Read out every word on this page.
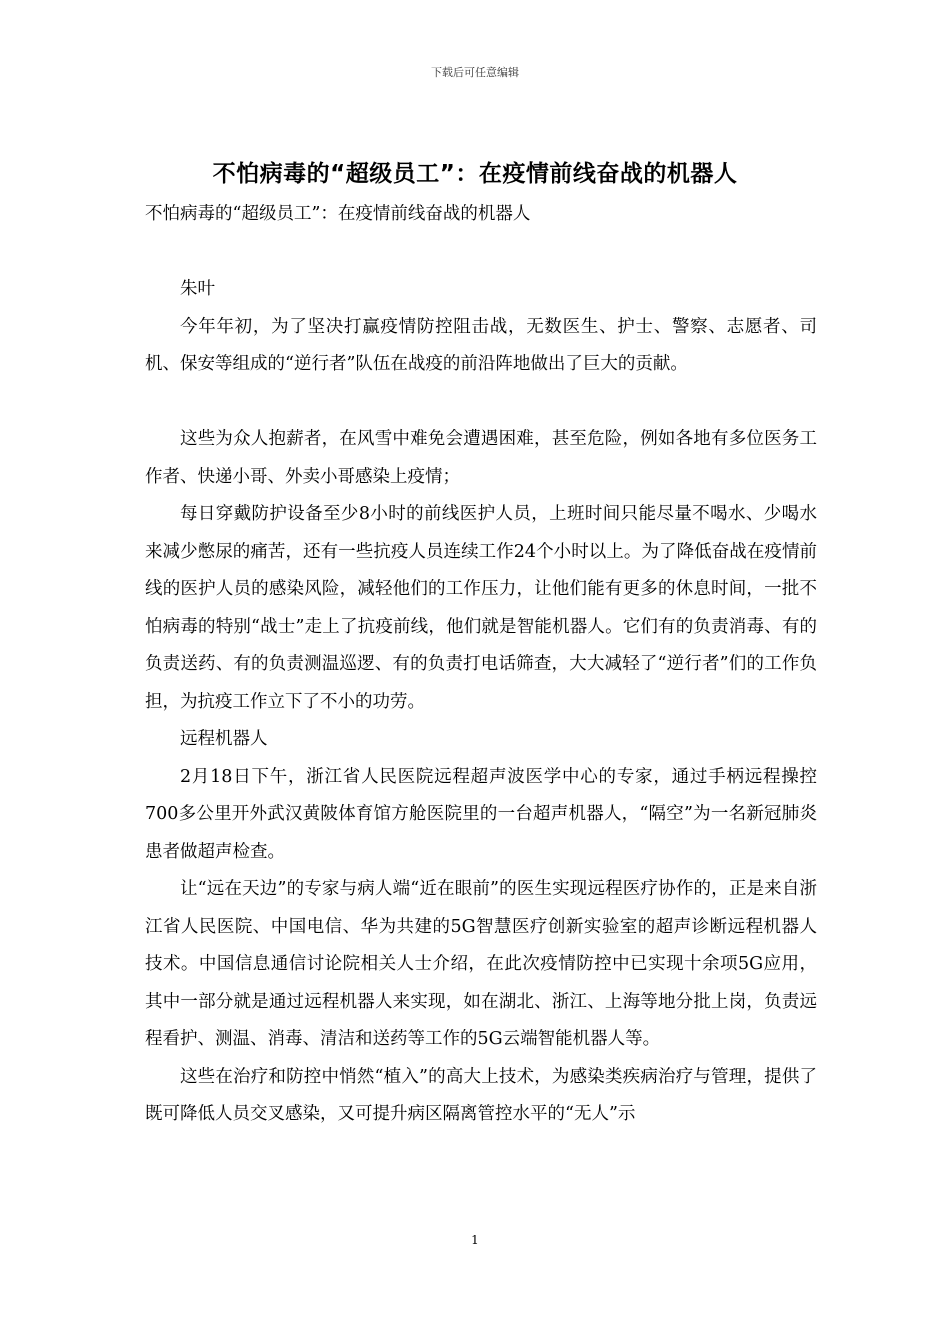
下载后可任意编辑
不怕病毒的“超级员工”：在疫情前线奋战的机器人

不怕病毒的“超级员工”：在疫情前线奋战的机器人

朱叶

今年年初，为了坚决打赢疫情防控阻击战，无数医生、护士、警察、志愿者、司机、保安等组成的“逆行者”队伍在战疫的前沿阵地做出了巨大的贡献。

这些为众人抱薪者，在风雪中难免会遭遇困难，甚至危险，例如各地有多位医务工作者、快递小哥、外卖小哥感染上疫情；

每日穿戴防护设备至少8小时的前线医护人员，上班时间只能尽量不喝水、少喝水来减少憋尿的痛苦，还有一些抗疫人员连续工作24个小时以上。为了降低奋战在疫情前线的医护人员的感染风险，减轻他们的工作压力，让他们能有更多的休息时间，一批不怕病毒的特别“战士”走上了抗疫前线，他们就是智能机器人。它们有的负责消毒、有的负责送药、有的负责测温巡逻、有的负责打电话筛查，大大减轻了“逆行者”们的工作负担，为抗疫工作立下了不小的功劳。

远程机器人

2月18日下午，浙江省人民医院远程超声波医学中心的专家，通过手柄远程操控700多公里开外武汉黄陂体育馆方舱医院里的一台超声机器人，“隔空”为一名新冠肺炎患者做超声检查。

让“远在天边”的专家与病人端“近在眼前”的医生实现远程医疗协作的，正是来自浙江省人民医院、中国电信、华为共建的5G智慧医疗创新实验室的超声诊断远程机器人技术。中国信息通信讨论院相关人士介绍，在此次疫情防控中已实现十余项5G应用，其中一部分就是通过远程机器人来实现，如在湖北、浙江、上海等地分批上岗，负责远程看护、测温、消毒、清洁和送药等工作的5G云端智能机器人等。

这些在治疗和防控中悄然“植入”的高大上技术，为感染类疾病治疗与管理，提供了既可降低人员交叉感染，又可提升病区隔离管控水平的“无人”示

1
